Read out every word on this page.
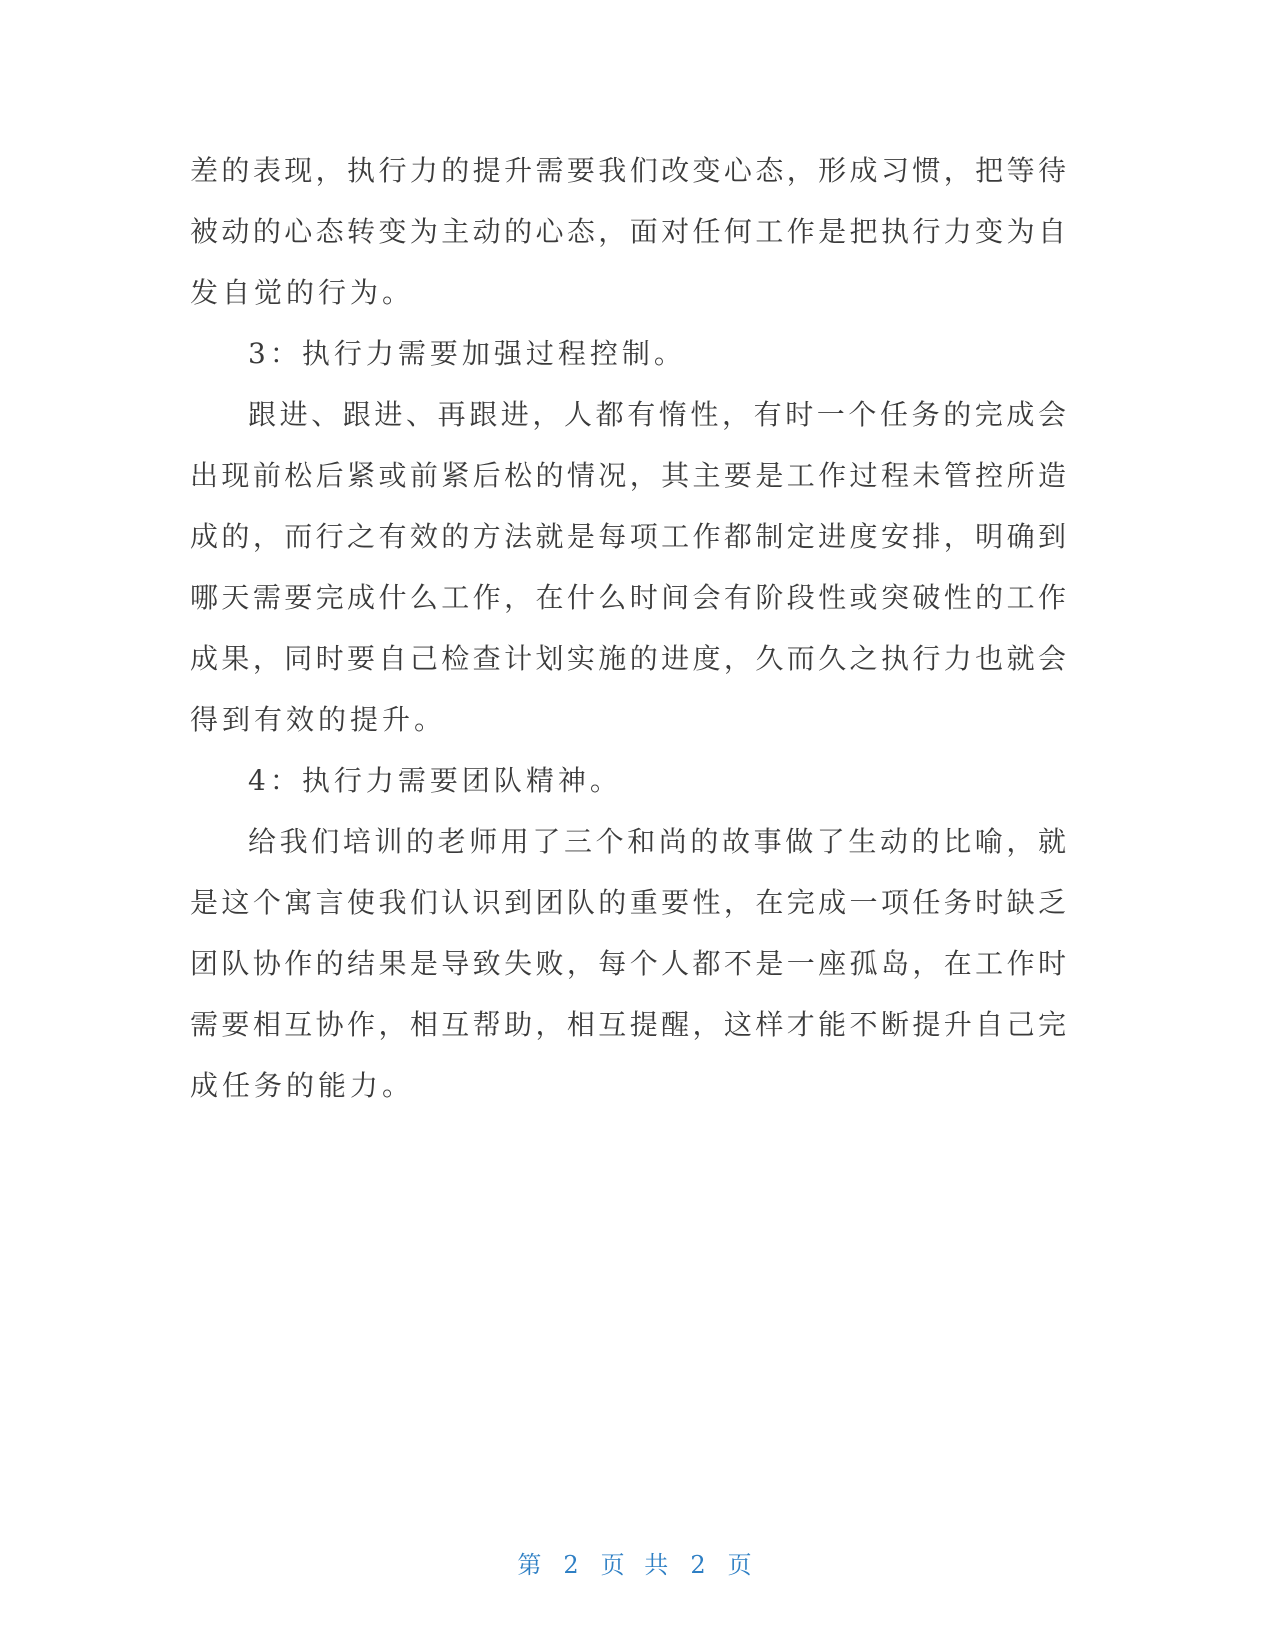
差的表现，执行力的提升需要我们改变心态，形成习惯，把等待
被动的心态转变为主动的心态，面对任何工作是把执行力变为自
发自觉的行为。
3：执行力需要加强过程控制。
跟进、跟进、再跟进，人都有惰性，有时一个任务的完成会
出现前松后紧或前紧后松的情况，其主要是工作过程未管控所造
成的，而行之有效的方法就是每项工作都制定进度安排，明确到
哪天需要完成什么工作，在什么时间会有阶段性或突破性的工作
成果，同时要自己检查计划实施的进度，久而久之执行力也就会
得到有效的提升。
4：执行力需要团队精神。
给我们培训的老师用了三个和尚的故事做了生动的比喻，就
是这个寓言使我们认识到团队的重要性，在完成一项任务时缺乏
团队协作的结果是导致失败，每个人都不是一座孤岛，在工作时
需要相互协作，相互帮助，相互提醒，这样才能不断提升自己完
成任务的能力。
第 2 页 共 2 页
